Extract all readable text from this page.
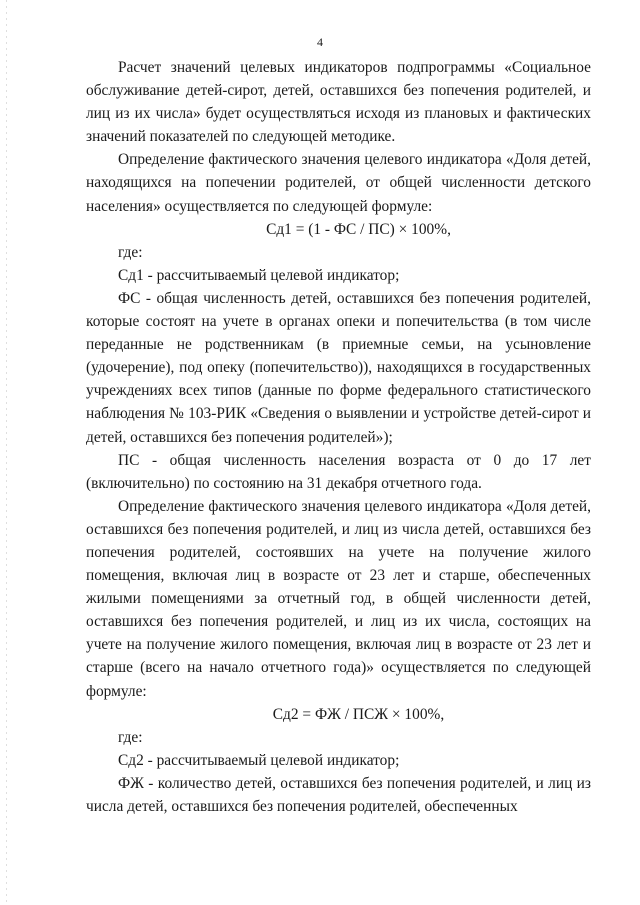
4

Расчет значений целевых индикаторов подпрограммы «Социальное обслуживание детей-сирот, детей, оставшихся без попечения родителей, и лиц из их числа» будет осуществляться исходя из плановых и фактических значений показателей по следующей методике.

Определение фактического значения целевого индикатора «Доля детей, находящихся на попечении родителей, от общей численности детского населения» осуществляется по следующей формуле:

Сд1 = (1 - ФС / ПС) × 100%,

где:

Сд1 - рассчитываемый целевой индикатор;

ФС - общая численность детей, оставшихся без попечения родителей, которые состоят на учете в органах опеки и попечительства (в том числе переданные не родственникам (в приемные семьи, на усыновление (удочерение), под опеку (попечительство)), находящихся в государственных учреждениях всех типов (данные по форме федерального статистического наблюдения № 103-РИК «Сведения о выявлении и устройстве детей-сирот и детей, оставшихся без попечения родителей»);

ПС - общая численность населения возраста от 0 до 17 лет (включительно) по состоянию на 31 декабря отчетного года.

Определение фактического значения целевого индикатора «Доля детей, оставшихся без попечения родителей, и лиц из числа детей, оставшихся без попечения родителей, состоявших на учете на получение жилого помещения, включая лиц в возрасте от 23 лет и старше, обеспеченных жилыми помещениями за отчетный год, в общей численности детей, оставшихся без попечения родителей, и лиц из их числа, состоящих на учете на получение жилого помещения, включая лиц в возрасте от 23 лет и старше (всего на начало отчетного года)» осуществляется по следующей формуле:

Сд2 = ФЖ / ПСЖ × 100%,

где:

Сд2 - рассчитываемый целевой индикатор;

ФЖ - количество детей, оставшихся без попечения родителей, и лиц из числа детей, оставшихся без попечения родителей, обеспеченных
